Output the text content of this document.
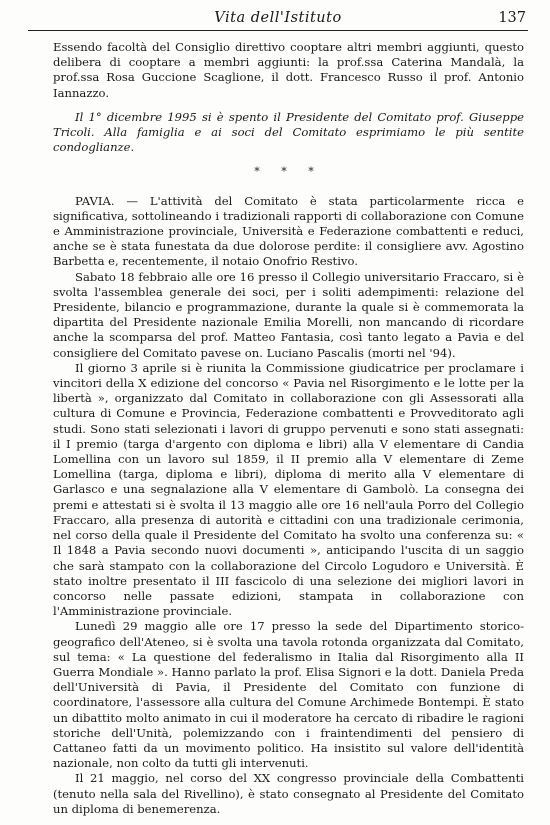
Vita dell'Istituto	137

Essendo facoltà del Consiglio direttivo cooptare altri membri aggiunti, questo delibera di cooptare a membri aggiunti: la prof.ssa Caterina Mandalà, la prof.ssa Rosa Guccione Scaglione, il dott. Francesco Russo il prof. Antonio Iannazzo.

Il 1° dicembre 1995 si è spento il Presidente del Comitato prof. Giuseppe Tricoli. Alla famiglia e ai soci del Comitato esprimiamo le più sentite condoglianze.

* * *

PAVIA. — L'attività del Comitato è stata particolarmente ricca e significativa, sottolineando i tradizionali rapporti di collaborazione con Comune e Amministrazione provinciale, Università e Federazione combattenti e reduci, anche se è stata funestata da due dolorose perdite: il consigliere avv. Agostino Barbetta e, recentemente, il notaio Onofrio Restivo.

Sabato 18 febbraio alle ore 16 presso il Collegio universitario Fraccaro, si è svolta l'assemblea generale dei soci, per i soliti adempimenti: relazione del Presidente, bilancio e programmazione, durante la quale si è commemorata la dipartita del Presidente nazionale Emilia Morelli, non mancando di ricordare anche la scomparsa del prof. Matteo Fantasia, così tanto legato a Pavia e del consigliere del Comitato pavese on. Luciano Pascalis (morti nel '94).

Il giorno 3 aprile si è riunita la Commissione giudicatrice per proclamare i vincitori della X edizione del concorso « Pavia nel Risorgimento e le lotte per la libertà », organizzato dal Comitato in collaborazione con gli Assessorati alla cultura di Comune e Provincia, Federazione combattenti e Provveditorato agli studi. Sono stati selezionati i lavori di gruppo pervenuti e sono stati assegnati: il I premio (targa d'argento con diploma e libri) alla V elementare di Candia Lomellina con un lavoro sul 1859, il II premio alla V elementare di Zeme Lomellina (targa, diploma e libri), diploma di merito alla V elementare di Garlasco e una segnalazione alla V elementare di Gambolò. La consegna dei premi e attestati si è svolta il 13 maggio alle ore 16 nell'aula Porro del Collegio Fraccaro, alla presenza di autorità e cittadini con una tradizionale cerimonia, nel corso della quale il Presidente del Comitato ha svolto una conferenza su: « Il 1848 a Pavia secondo nuovi documenti », anticipando l'uscita di un saggio che sarà stampato con la collaborazione del Circolo Logudoro e Università. È stato inoltre presentato il III fascicolo di una selezione dei migliori lavori in concorso nelle passate edizioni, stampata in collaborazione con l'Amministrazione provinciale.

Lunedì 29 maggio alle ore 17 presso la sede del Dipartimento storico-geografico dell'Ateneo, si è svolta una tavola rotonda organizzata dal Comitato, sul tema: « La questione del federalismo in Italia dal Risorgimento alla II Guerra Mondiale ». Hanno parlato la prof. Elisa Signori e la dott. Daniela Preda dell'Università di Pavia, il Presidente del Comitato con funzione di coordinatore, l'assessore alla cultura del Comune Archimede Bontempi. È stato un dibattito molto animato in cui il moderatore ha cercato di ribadire le ragioni storiche dell'Unità, polemizzando con i fraintendimenti del pensiero di Cattaneo fatti da un movimento politico. Ha insistito sul valore dell'identità nazionale, non colto da tutti gli intervenuti.

Il 21 maggio, nel corso del XX congresso provinciale della Combattenti (tenuto nella sala del Rivellino), è stato consegnato al Presidente del Comitato un diploma di benemerenza.
